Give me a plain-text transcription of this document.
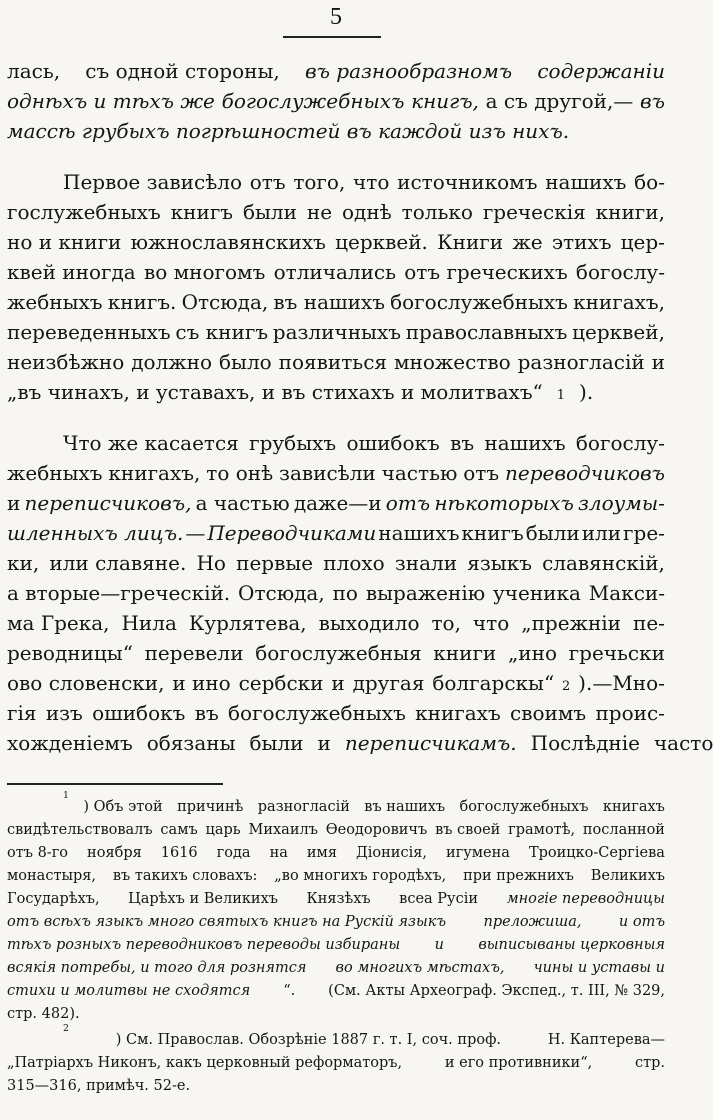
5
лась, съ одной стороны, въ разнообразномъ содержаніи
однѣхъ и тѣхъ же богослужебныхъ книгъ, а съ другой,— въ
массѣ грубыхъ погрѣшностей въ каждой изъ нихъ.
Первое зависѣло отъ того, что источникомъ нашихъ бо-
гослужебныхъ книгъ были не однѣ только греческія книги,
но и книги южнославянскихъ церквей. Книги же этихъ цер-
квей иногда во многомъ отличались отъ греческихъ богослу-
жебныхъ книгъ. Отсюда, въ нашихъ богослужебныхъ книгахъ,
переведенныхъ съ книгъ различныхъ православныхъ церквей,
неизбѣжно должно было появиться множество разногласій и
„въ чинахъ, и уставахъ, и въ стихахъ и молитвахъ“ 1 ).
Что же касается грубыхъ ошибокъ въ нашихъ богослу-
жебныхъ книгахъ, то онѣ зависѣли частью отъ переводчиковъ
и переписчиковъ, а частью даже—и отъ нѣкоторыхъ злоумы-
шленныхъ лицъ. — Переводчиками нашихъ книгъ были или гре-
ки, или славяне. Но первые плохо знали языкъ славянскій,
а вторые—греческій. Отсюда, по выраженію ученика Макси-
ма Грека, Нила Курлятева, выходило то, что „прежніи пе-
реводницы“ перевели богослужебныя книги „ино гречьски
ово словенски, и ино сербски и другая болгарскы“ 2 ).—Мно-
гія изъ ошибокъ въ богослужебныхъ книгахъ своимъ проис-
хожденіемъ обязаны были и переписчикамъ. Послѣдніе часто
1
) Объ этой причинѣ разногласій въ нашихъ богослужебныхъ книгахъ
свидѣтельствовалъ самъ царь Михаилъ Ѳеодоровичъ въ своей грамотѣ, посланной
отъ 8-го ноября 1616 года на имя Діонисія, игумена Троицко-Сергіева
монастыря, въ такихъ словахъ: „во многихъ городѣхъ, при прежнихъ Великихъ
Государѣхъ, Царѣхъ и Великихъ Князѣхъ всеа Русіи многіе переводницы
отъ всѣхъ языкъ много святыхъ книгъ на Рускій языкъ	преложиша,	и отъ
тѣхъ розныхъ переводниковъ переводы избираны и выписываны церковныя
всякія потребы, и того для рознятся во многихъ мѣстахъ, чины и уставы и
стихи и молитвы не сходятся “. (См. Акты Археограф. Экспед., т. III, № 329,
стр. 482).
2
) См. Православ. Обозрѣніе 1887 г. т. I, соч. проф.	Н. Каптерева—
„Патріархъ Никонъ, какъ церковный реформаторъ,	и его противники“,	стр.
315—316, примѣч. 52-е.
